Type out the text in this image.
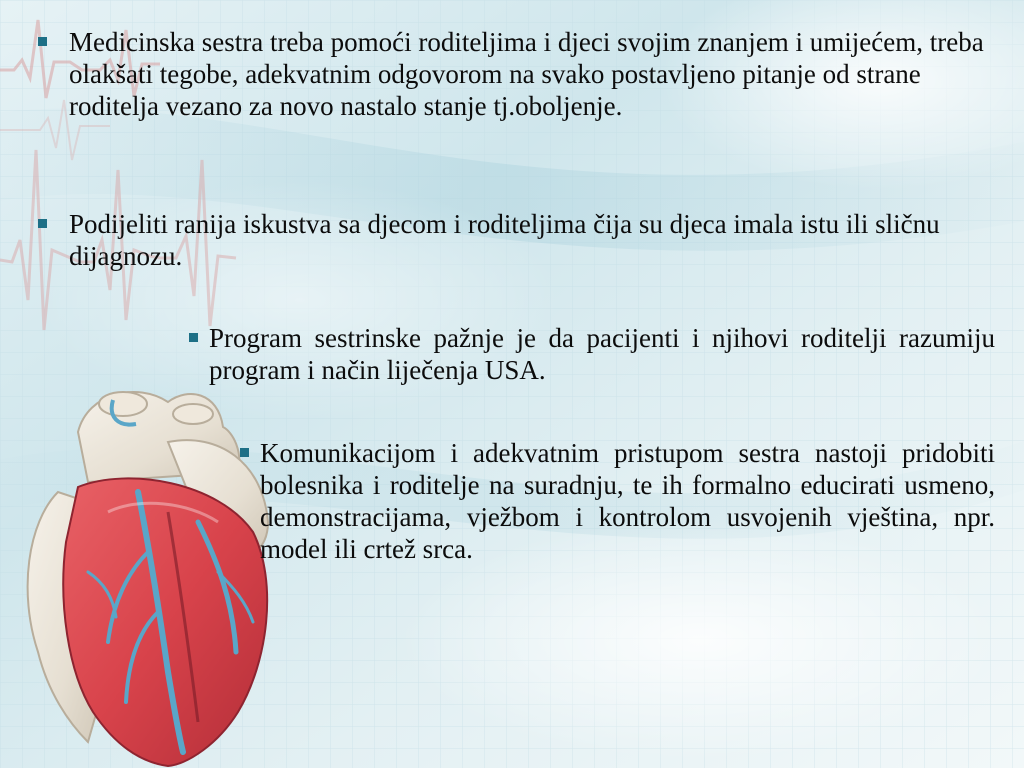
Medicinska sestra treba pomoći roditeljima i djeci svojim znanjem i umijećem, treba olakšati tegobe, adekvatnim odgovorom na svako postavljeno pitanje od strane roditelja vezano za novo nastalo stanje tj.oboljenje.
Podijeliti ranija iskustva sa djecom i roditeljima čija su djeca imala istu ili sličnu dijagnozu.
Program sestrinske pažnje je da pacijenti i njihovi roditelji razumiju program i način liječenja USA.
Komunikacijom i adekvatnim pristupom sestra nastoji pridobiti bolesnika i roditelje na suradnju, te ih formalno educirati usmeno, demonstracijama, vježbom i kontrolom usvojenih vještina, npr. model ili crtež srca.
